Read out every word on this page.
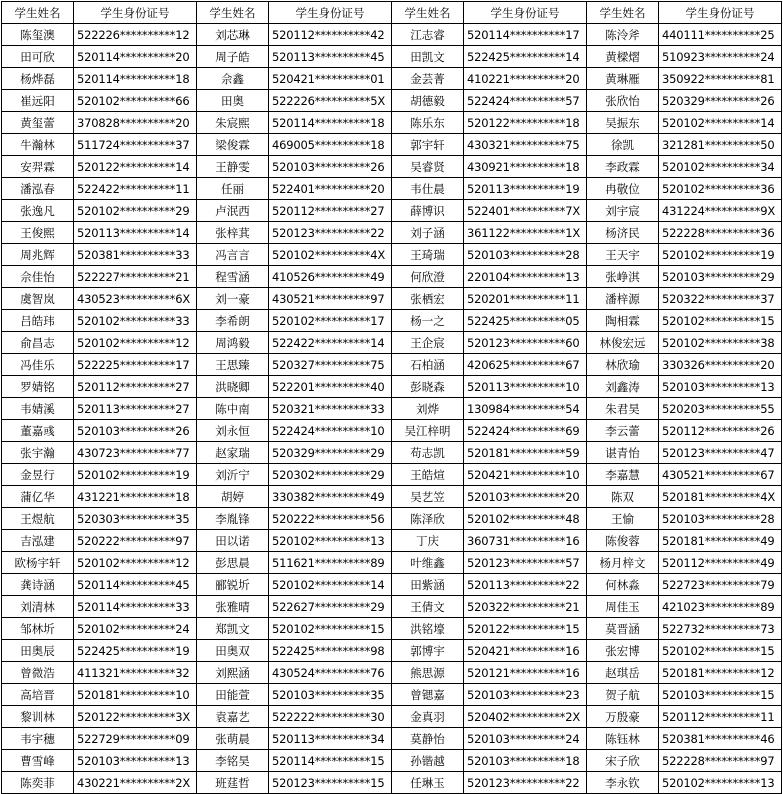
学生姓名	学生身份证号	学生姓名	学生身份证号	学生姓名	学生身份证号	学生姓名	学生身份证号
陈玺澳	522226**********12	刘芯琳	520112**********42	江志睿	520114**********17	陈泠斧	440111**********25
田可欣	520114**********20	周子皓	520113**********45	田凯文	522425**********14	黄樑熠	510923**********24
杨烨磊	520114**********18	佘鑫	520421**********01	金芸菁	410221**********20	黄琳雁	350922**********81
崔远阳	520102**********66	田奥	522226**********5X	胡德毅	522424**********57	张欣怡	520329**********26
黄玺蕾	370828**********20	朱宸熙	520114**********18	陈乐东	520122**********18	吴振东	520102**********14
牛瀚林	511724**********37	梁俊霖	469005**********18	郭宇轩	430321**********75	徐凯	321281**********50
安羿霖	520122**********14	王静雯	520103**********26	吴睿贤	430921**********18	李政霖	520102**********34
潘泓春	522422**********11	任丽	522401**********20	韦仕晨	520113**********19	冉敬位	520102**********36
张逸凡	520102**********29	卢泯西	520112**********27	薛博识	522401**********7X	刘宇宸	431224**********9X
王俊熙	520113**********14	张梓萁	520123**********22	刘子涵	361122**********1X	杨济民	522228**********36
周兆辉	520381**********33	冯言言	520102**********4X	王琦瑞	520103**********28	王天宇	520102**********19
佘佳怡	522227**********21	程雪涵	410526**********49	何欣澄	220104**********13	张峥淇	520103**********29
虞智岚	430523**********6X	刘一豪	430521**********97	张栖宏	520201**********11	潘梓源	520322**********37
吕皓玮	520102**********33	李希朗	520102**********17	杨一之	522425**********05	陶相霖	520102**********15
俞昌志	520102**********12	周鸿毅	522422**********14	王企宸	520123**********60	林俊宏远	520102**********38
冯佳乐	522225**********17	王思臻	520327**********75	石柏涵	420625**********67	林欣瑜	330326**********20
罗婧铭	520112**********27	洪晓卿	522201**********40	彭晓森	520113**********10	刘鑫涛	520103**********13
韦婧溪	520113**********27	陈中南	520321**********33	刘烨	130984**********54	朱君昊	520203**********55
董嘉彧	520103**********26	刘永恒	522424**********10	吴江梓明	522424**********69	李云蕾	520112**********26
张宇瀚	430723**********77	赵家瑞	520329**********29	苟志凯	520181**********59	谌青怡	520123**********47
金昱行	520102**********19	刘沂宁	520302**********29	王皓煊	520421**********10	李嘉慧	430521**********67
蒲亿华	431221**********18	胡婷	330382**********49	吴艺笠	520103**********20	陈双	520181**********4X
王煜航	520303**********35	李胤锋	520222**********56	陈泽欣	520102**********48	王愉	520103**********28
吉泓建	520222**********97	田以诺	520102**********13	丁庆	360731**********16	陈俊蓉	520181**********49
欧杨宇轩	520102**********12	彭思晨	511621**********89	叶维鑫	520123**********57	杨月梓文	520112**********49
龚诗涵	520114**********45	郦锐圻	520102**********14	田紫涵	520113**********22	何林淼	522723**********79
刘清林	520114**********33	张雅晴	522627**********29	王倩文	520322**********21	周佳玉	421023**********89
邹林圻	520102**********24	郑凯文	520102**********15	洪铭壕	520122**********15	莫晋涵	522732**********73
田奥辰	522425**********19	田奥双	522425**********98	郭博宇	520421**********16	张宏博	520102**********15
曾微浩	411321**********32	刘熙涵	430524**********76	熊思源	520121**********16	赵琪岳	520181**********12
高培晋	520181**********10	田能萱	520103**********35	曾锶嘉	520103**********23	贺子航	520103**********15
黎训林	520122**********3X	袁嘉艺	522222**********30	金真羽	520402**********2X	万殷豪	520112**********11
韦宇穗	522729**********09	张萌晨	520113**********34	莫静怡	520103**********24	陈钰林	520381**********46
曹雪峰	520103**********13	李铭昊	520114**********15	孙锴越	520103**********18	宋子欣	522228**********97
陈奕菲	430221**********2X	班莛哲	520123**********15	任琳玉	520123**********22	李永钦	520102**********13
